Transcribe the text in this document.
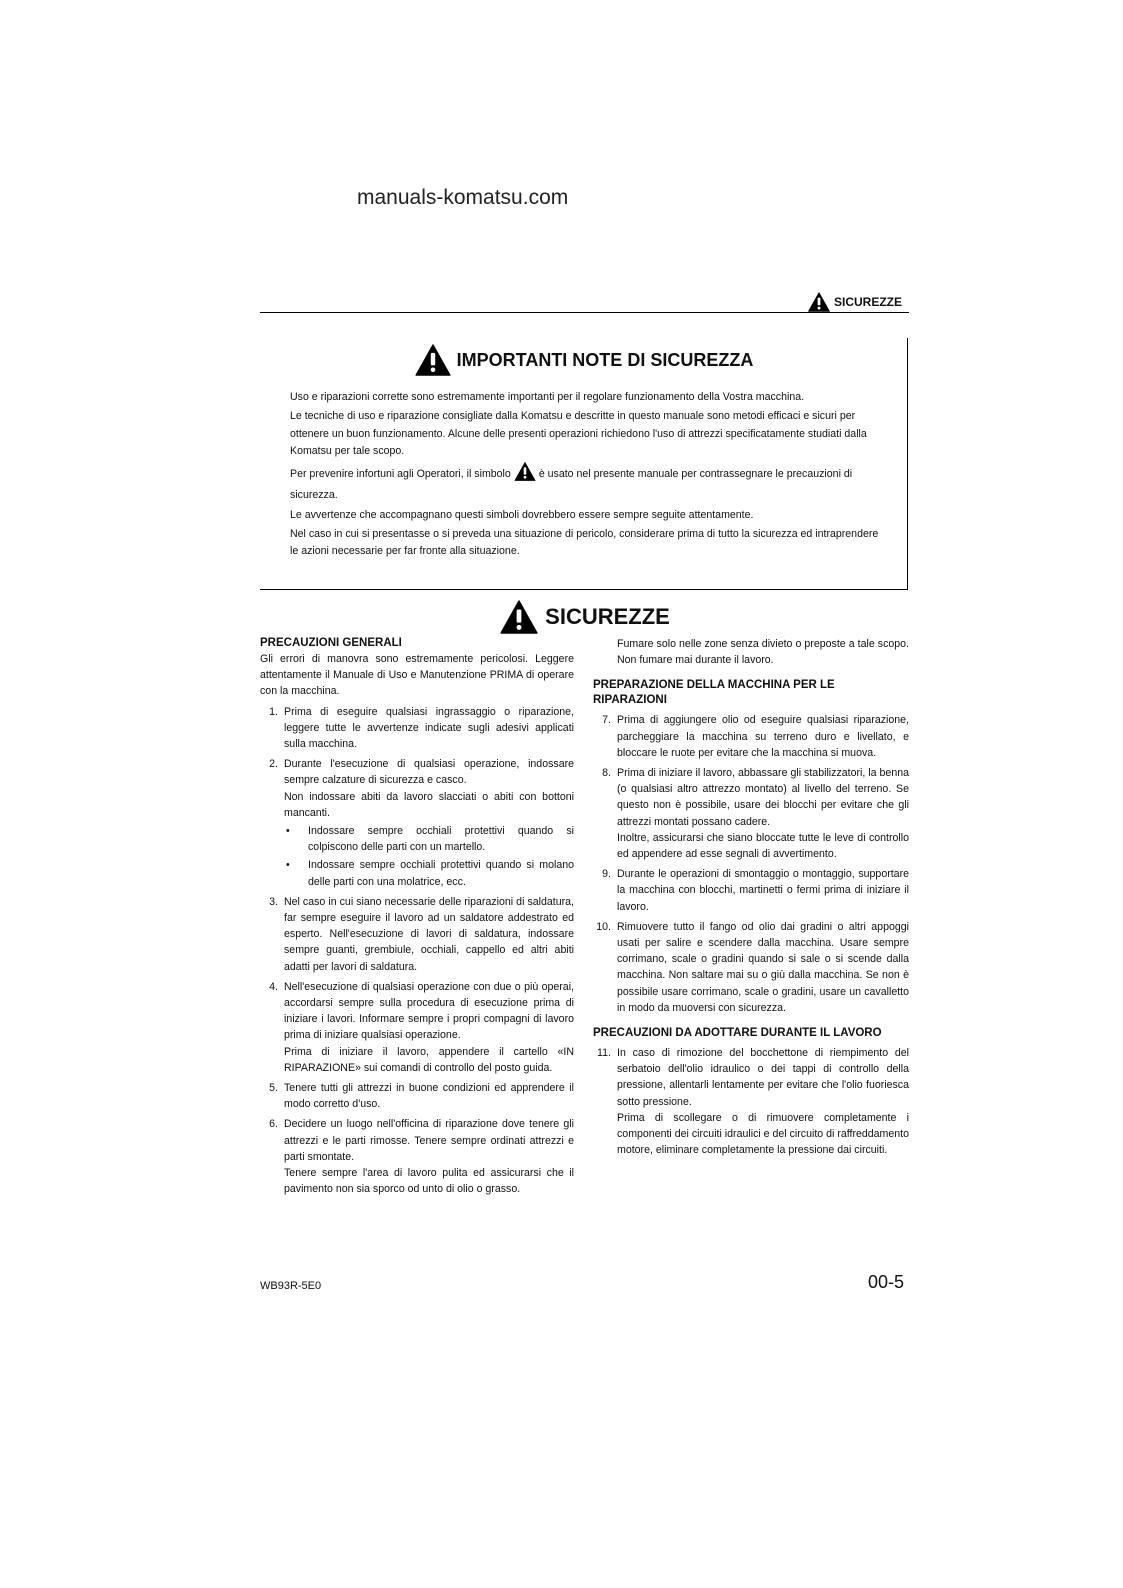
manuals-komatsu.com
SICUREZZE
IMPORTANTI NOTE DI SICUREZZA

Uso e riparazioni corrette sono estremamente importanti per il regolare funzionamento della Vostra macchina.

Le tecniche di uso e riparazione consigliate dalla Komatsu e descritte in questo manuale sono metodi efficaci e sicuri per ottenere un buon funzionamento. Alcune delle presenti operazioni richiedono l'uso di attrezzi specificatamente studiati dalla Komatsu per tale scopo.

Per prevenire infortuni agli Operatori, il simbolo	è usato nel presente manuale per contrassegnare le precauzioni di sicurezza.

Le avvertenze che accompagnano questi simboli dovrebbero essere sempre seguite attentamente.

Nel caso in cui si presentasse o si preveda una situazione di pericolo, considerare prima di tutto la sicurezza ed intraprendere le azioni necessarie per far fronte alla situazione.

SICUREZZE
PRECAUZIONI GENERALI

Gli errori di manovra sono estremamente pericolosi. Leggere attentamente il Manuale di Uso e Manutenzione PRIMA di operare con la macchina.

1. Prima di eseguire qualsiasi ingrassaggio o riparazione, leggere tutte le avvertenze indicate sugli adesivi applicati sulla macchina.
2. Durante l'esecuzione di qualsiasi operazione, indossare sempre calzature di sicurezza e casco.
Non indossare abiti da lavoro slacciati o abiti con bottoni mancanti.
• Indossare sempre occhiali protettivi quando si colpiscono delle parti con un martello.
• Indossare sempre occhiali protettivi quando si molano delle parti con una molatrice, ecc.
3. Nel caso in cui siano necessarie delle riparazioni di saldatura, far sempre eseguire il lavoro ad un saldatore addestrato ed esperto. Nell'esecuzione di lavori di saldatura, indossare sempre guanti, grembiule, occhiali, cappello ed altri abiti adatti per lavori di saldatura.
4. Nell'esecuzione di qualsiasi operazione con due o più operai, accordarsi sempre sulla procedura di esecuzione prima di iniziare i lavori. Informare sempre i propri compagni di lavoro prima di iniziare qualsiasi operazione.
Prima di iniziare il lavoro, appendere il cartello «IN RIPARAZIONE» sui comandi di controllo del posto guida.
5. Tenere tutti gli attrezzi in buone condizioni ed apprendere il modo corretto d'uso.
6. Decidere un luogo nell'officina di riparazione dove tenere gli attrezzi e le parti rimosse. Tenere sempre ordinati attrezzi e parti smontate.
Tenere sempre l'area di lavoro pulita ed assicurarsi che il pavimento non sia sporco od unto di olio o grasso.

Fumare solo nelle zone senza divieto o preposte a tale scopo. Non fumare mai durante il lavoro.

PREPARAZIONE DELLA MACCHINA PER LE RIPARAZIONI
7. Prima di aggiungere olio od eseguire qualsiasi riparazione, parcheggiare la macchina su terreno duro e livellato, e bloccare le ruote per evitare che la macchina si muova.
8. Prima di iniziare il lavoro, abbassare gli stabilizzatori, la benna (o qualsiasi altro attrezzo montato) al livello del terreno. Se questo non è possibile, usare dei blocchi per evitare che gli attrezzi montati possano cadere.
Inoltre, assicurarsi che siano bloccate tutte le leve di controllo ed appendere ad esse segnali di avvertimento.
9. Durante le operazioni di smontaggio o montaggio, supportare la macchina con blocchi, martinetti o fermi prima di iniziare il lavoro.
10. Rimuovere tutto il fango od olio dai gradini o altri appoggi usati per salire e scendere dalla macchina. Usare sempre corrimano, scale o gradini quando si sale o si scende dalla macchina. Non saltare mai su o giù dalla macchina. Se non è possibile usare corrimano, scale o gradini, usare un cavalletto in modo da muoversi con sicurezza.
PRECAUZIONI DA ADOTTARE DURANTE IL LAVORO
11. In caso di rimozione del bocchettone di riempimento del serbatoio dell'olio idraulico o dei tappi di controllo della pressione, allentarli lentamente per evitare che l'olio fuoriesca sotto pressione.
Prima di scollegare o di rimuovere completamente i componenti dei circuiti idraulici e del circuito di raffreddamento motore, eliminare completamente la pressione dai circuiti.
WB93R-5E0	00-5
